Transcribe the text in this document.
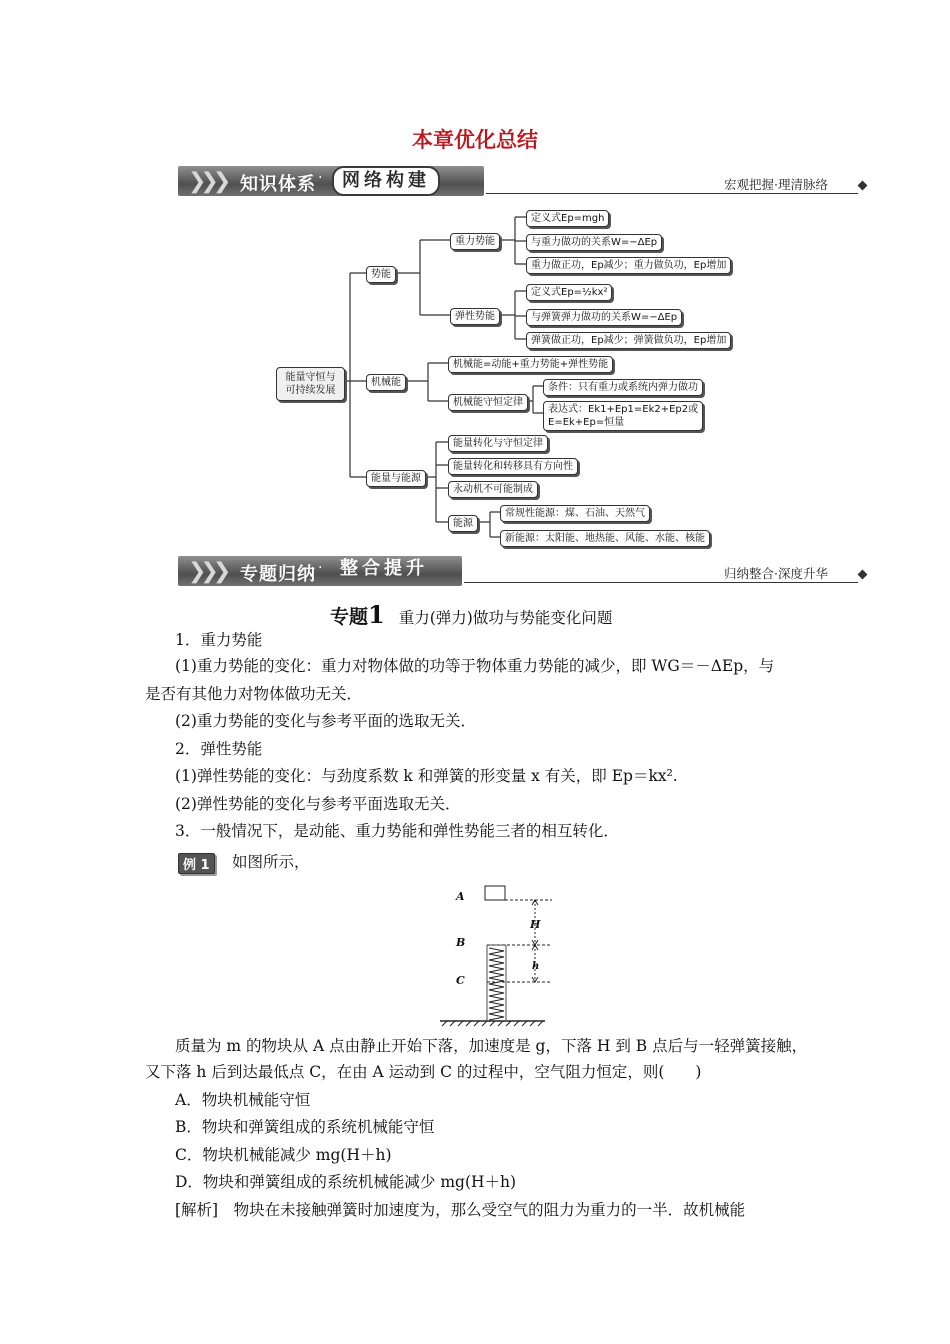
本章优化总结
❯❯❯ 知识体系 ·	网络构建	宏观把握·理清脉络
能量守恒与
可持续发展
势能
重力势能
定义式Ep=mgh
与重力做功的关系W=−ΔEp
重力做正功，Ep减少；重力做负功，Ep增加
弹性势能
定义式Ep=½kx²
与弹簧弹力做功的关系W=−ΔEp
弹簧做正功，Ep减少；弹簧做负功，Ep增加
机械能
机械能=动能+重力势能+弹性势能
机械能守恒定律
条件：只有重力或系统内弹力做功
表达式：Ek1+Ep1=Ek2+Ep2或
E=Ek+Ep=恒量
能量与能源
能量转化与守恒定律
能量转化和转移具有方向性
永动机不可能制成
能源
常规性能源：煤、石油、天然气
新能源：太阳能、地热能、风能、水能、核能
❯❯❯ 专题归纳 · 整合提升	归纳整合·深度升华
专题1 重力(弹力)做功与势能变化问题
1．重力势能
(1)重力势能的变化：重力对物体做的功等于物体重力势能的减少，即 WG＝－ΔEp，与
是否有其他力对物体做功无关．
(2)重力势能的变化与参考平面的选取无关．
2．弹性势能
(1)弹性势能的变化：与劲度系数 k 和弹簧的形变量 x 有关，即 Ep＝kx².
(2)弹性势能的变化与参考平面选取无关．
3．一般情况下，是动能、重力势能和弹性势能三者的相互转化．
例 1	如图所示，
A
B
C
H
h
质量为 m 的物块从 A 点由静止开始下落，加速度是 g，下落 H 到 B 点后与一轻弹簧接触，
又下落 h 后到达最低点 C，在由 A 运动到 C 的过程中，空气阻力恒定，则(　　)
A．物块机械能守恒
B．物块和弹簧组成的系统机械能守恒
C．物块机械能减少 mg(H＋h)
D．物块和弹簧组成的系统机械能减少 mg(H＋h)
[解析]　物块在未接触弹簧时加速度为，那么受空气的阻力为重力的一半．故机械能
